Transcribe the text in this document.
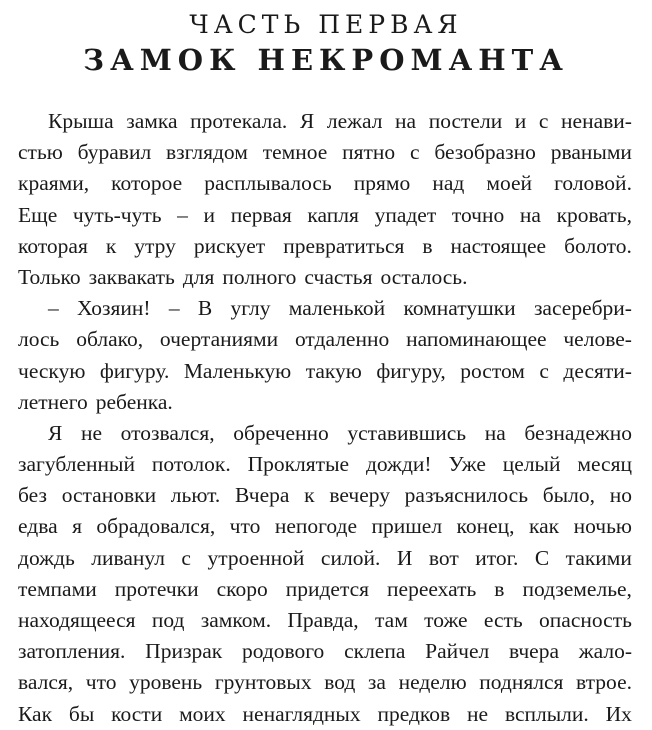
ЧАСТЬ ПЕРВАЯ
ЗАМОК НЕКРОМАНТА
Крыша замка протекала. Я лежал на постели и с ненави-
стью буравил взглядом темное пятно с безобразно рваными
краями, которое расплывалось прямо над моей головой.
Еще чуть-чуть – и первая капля упадет точно на кровать,
которая к утру рискует превратиться в настоящее болото.
Только заквакать для полного счастья осталось.
– Хозяин! – В углу маленькой комнатушки засеребри-
лось облако, очертаниями отдаленно напоминающее челове-
ческую фигуру. Маленькую такую фигуру, ростом с десяти-
летнего ребенка.
Я не отозвался, обреченно уставившись на безнадежно
загубленный потолок. Проклятые дожди! Уже целый месяц
без остановки льют. Вчера к вечеру разъяснилось было, но
едва я обрадовался, что непогоде пришел конец, как ночью
дождь ливанул с утроенной силой. И вот итог. С такими
темпами протечки скоро придется переехать в подземелье,
находящееся под замком. Правда, там тоже есть опасность
затопления. Призрак родового склепа Райчел вчера жало-
вался, что уровень грунтовых вод за неделю поднялся втрое.
Как бы кости моих ненаглядных предков не всплыли. Их
